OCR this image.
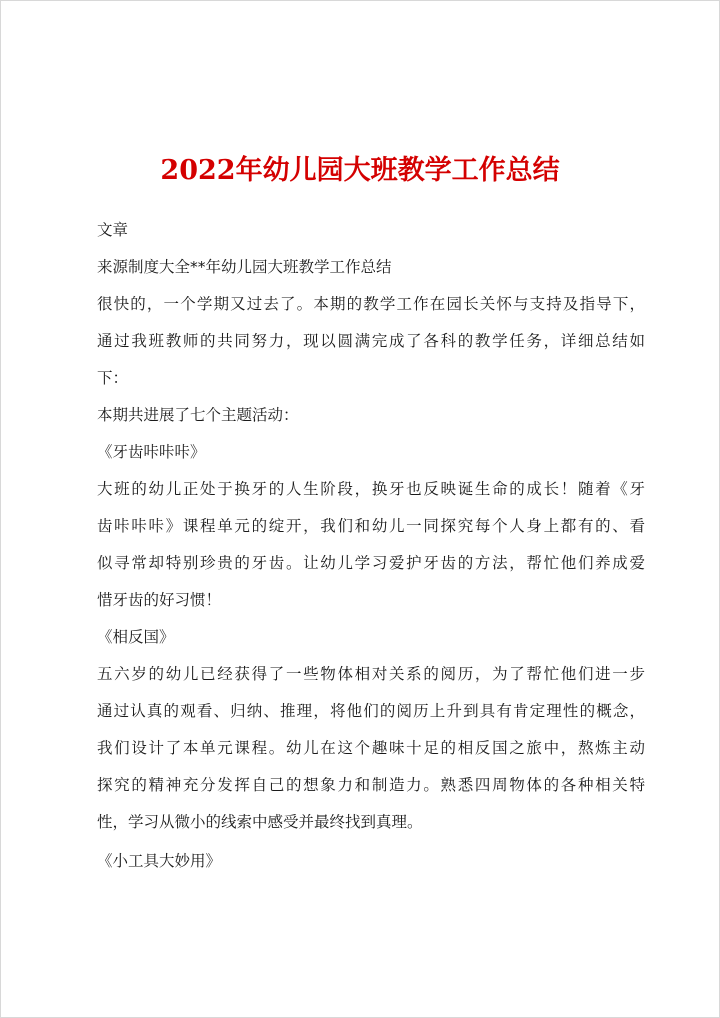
2022年幼儿园大班教学工作总结
文章
来源制度大全**年幼儿园大班教学工作总结
很快的，一个学期又过去了。本期的教学工作在园长关怀与支持及指导下，
通过我班教师的共同努力，现以圆满完成了各科的教学任务，详细总结如
下：
本期共进展了七个主题活动：
《牙齿咔咔咔》
大班的幼儿正处于换牙的人生阶段，换牙也反映诞生命的成长！随着《牙
齿咔咔咔》课程单元的绽开，我们和幼儿一同探究每个人身上都有的、看
似寻常却特别珍贵的牙齿。让幼儿学习爱护牙齿的方法，帮忙他们养成爱
惜牙齿的好习惯！
《相反国》
五六岁的幼儿已经获得了一些物体相对关系的阅历，为了帮忙他们进一步
通过认真的观看、归纳、推理，将他们的阅历上升到具有肯定理性的概念，
我们设计了本单元课程。幼儿在这个趣味十足的相反国之旅中，熬炼主动
探究的精神充分发挥自己的想象力和制造力。熟悉四周物体的各种相关特
性，学习从微小的线索中感受并最终找到真理。
《小工具大妙用》
